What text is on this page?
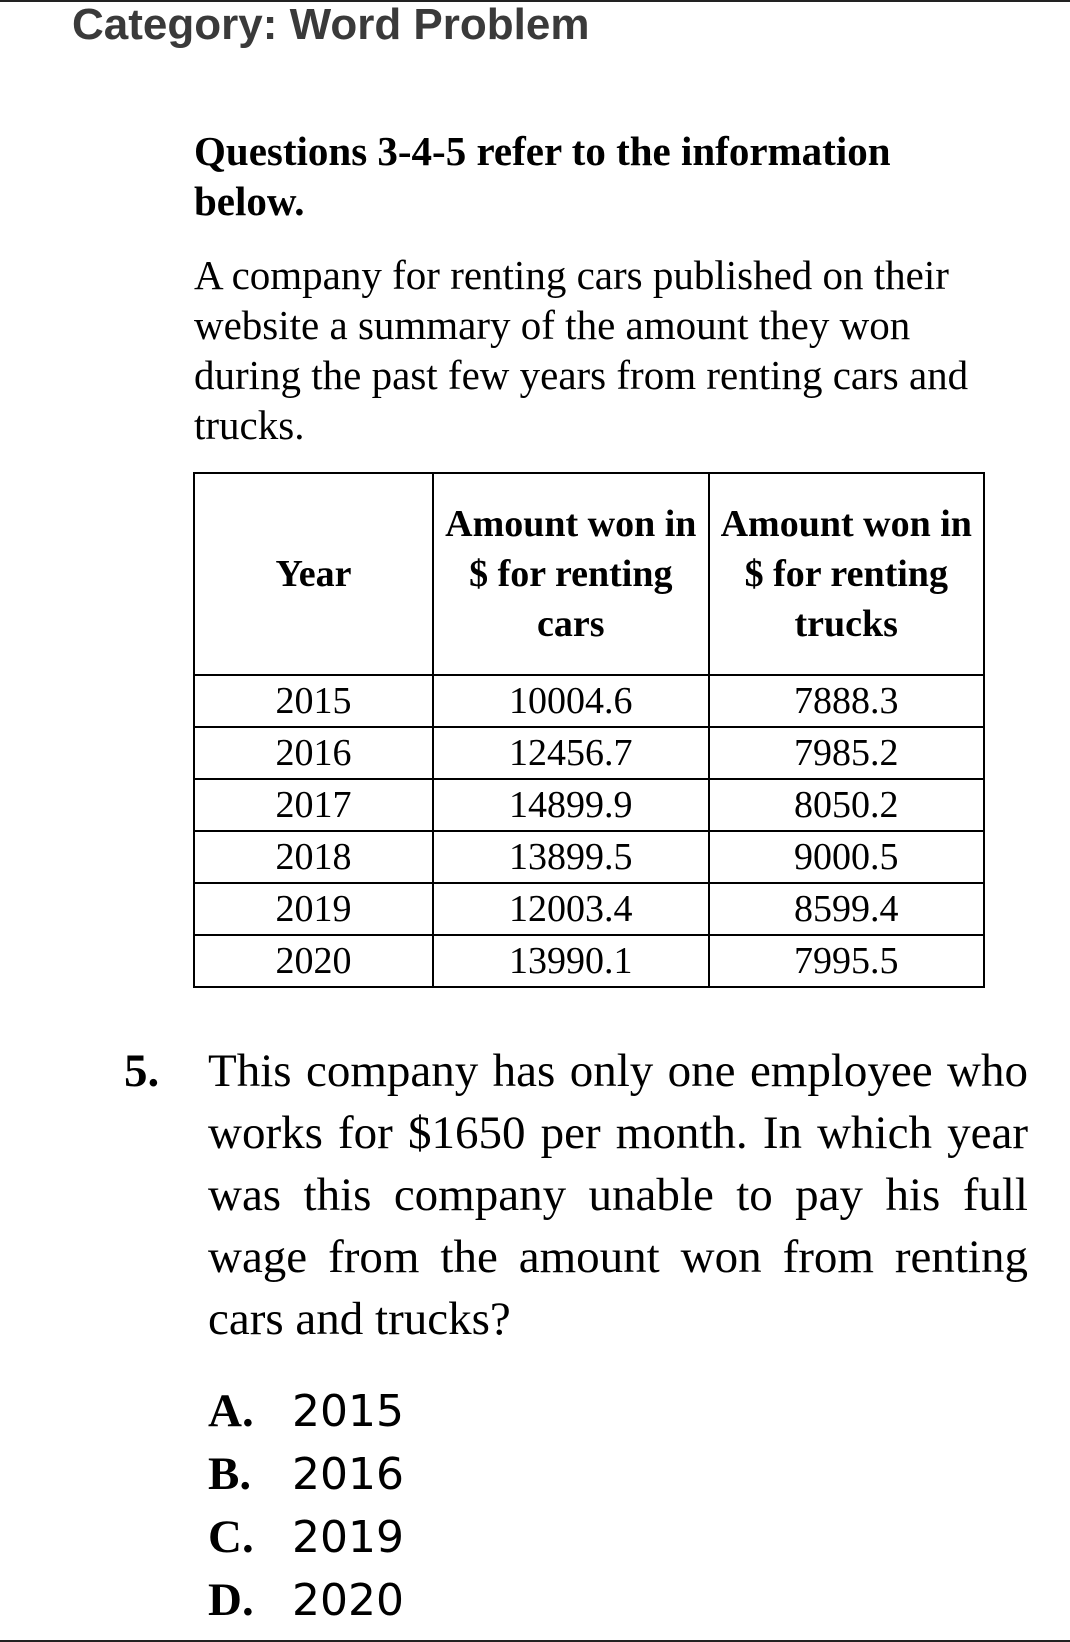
Category: Word Problem
Questions 3-4-5 refer to the information below.
A company for renting cars published on their website a summary of the amount they won during the past few years from renting cars and trucks.
Year	Amount won in $ for renting cars	Amount won in $ for renting trucks
2015	10004.6	7888.3
2016	12456.7	7985.2
2017	14899.9	8050.2
2018	13899.5	9000.5
2019	12003.4	8599.4
2020	13990.1	7995.5
5. This company has only one employee who works for $1650 per month. In which year was this company unable to pay his full wage from the amount won from renting cars and trucks?
A. 2015
B. 2016
C. 2019
D. 2020
